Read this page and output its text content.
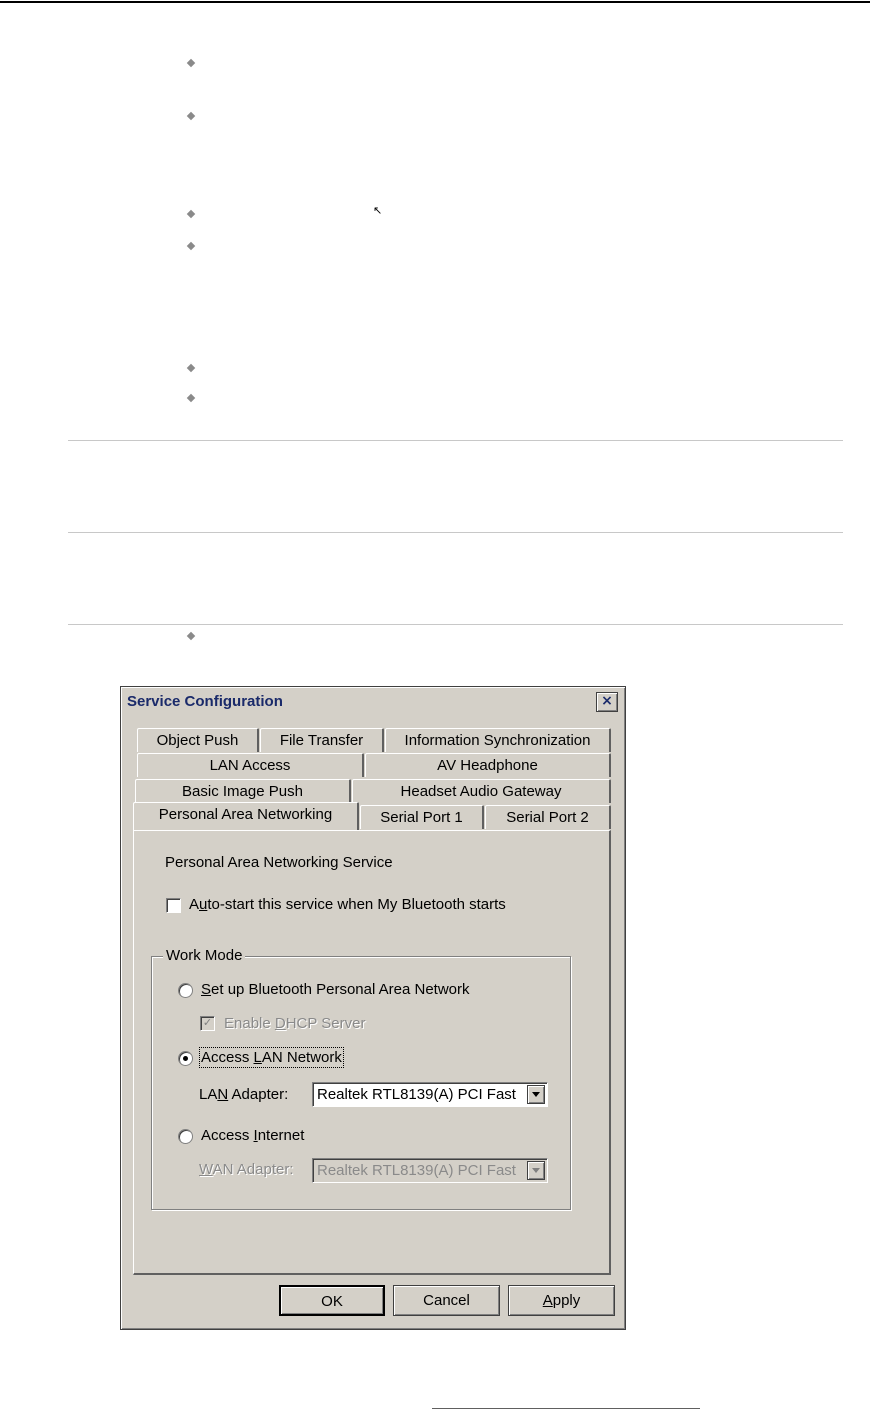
↖
Service Configuration	×
Object Push	File Transfer	Information Synchronization
LAN Access	AV Headphone
Basic Image Push	Headset Audio Gateway
Personal Area Networking	Serial Port 1	Serial Port 2
Personal Area Networking Service
Auto-start this service when My Bluetooth starts
Work Mode
Set up Bluetooth Personal Area Network
✓ Enable DHCP Server
Access LAN Network
LAN Adapter: Realtek RTL8139(A) PCI Fast
Access Internet
WAN Adapter: Realtek RTL8139(A) PCI Fast
OK	Cancel	Apply
